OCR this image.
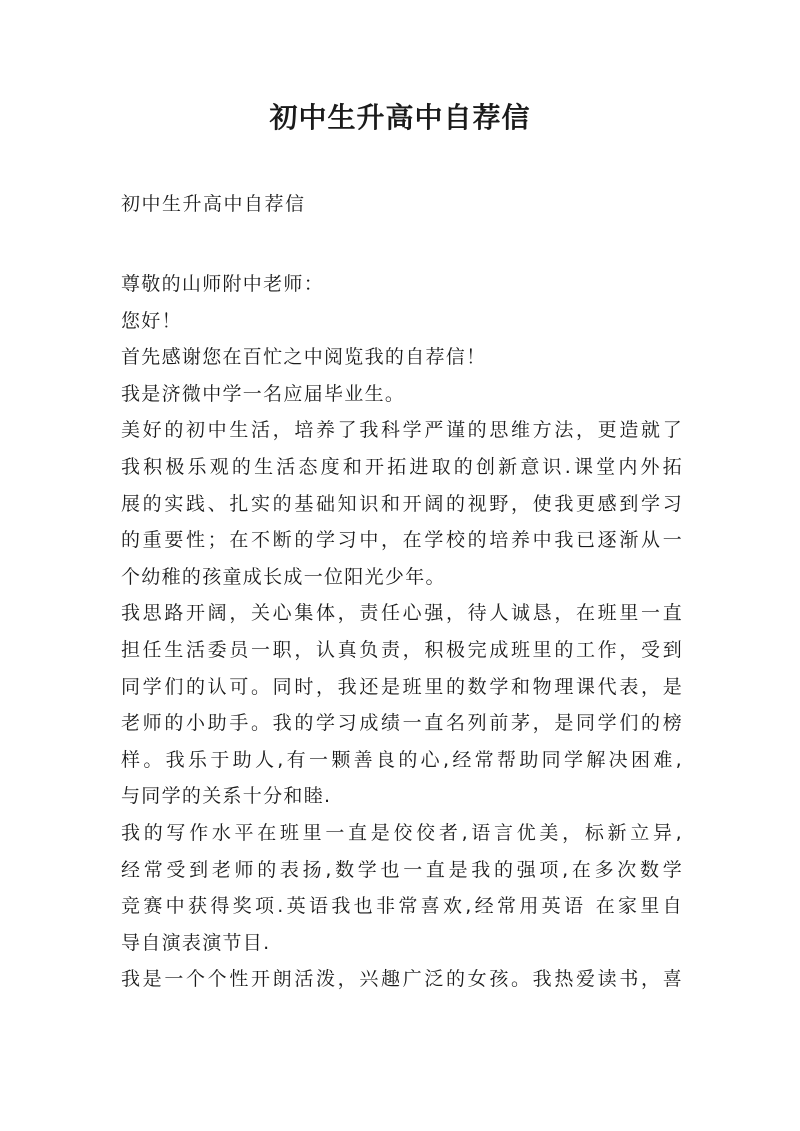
初中生升高中自荐信

初中生升高中自荐信

尊敬的山师附中老师：

您好！

首先感谢您在百忙之中阅览我的自荐信！

我是济微中学一名应届毕业生。

美好的初中生活，培养了我科学严谨的思维方法，更造就了

我积极乐观的生活态度和开拓进取的创新意识.课堂内外拓

展的实践、扎实的基础知识和开阔的视野，使我更感到学习

的重要性；在不断的学习中，在学校的培养中我已逐渐从一

个幼稚的孩童成长成一位阳光少年。

我思路开阔，关心集体，责任心强，待人诚恳，在班里一直

担任生活委员一职，认真负责，积极完成班里的工作，受到

同学们的认可。同时，我还是班里的数学和物理课代表，是

老师的小助手。我的学习成绩一直名列前茅，是同学们的榜

样。我乐于助人,有一颗善良的心,经常帮助同学解决困难,

与同学的关系十分和睦.

我的写作水平在班里一直是佼佼者,语言优美，标新立异,

经常受到老师的表扬,数学也一直是我的强项,在多次数学

竞赛中获得奖项.英语我也非常喜欢,经常用英语 在家里自

导自演表演节目.

我是一个个性开朗活泼，兴趣广泛的女孩。我热爱读书，喜
